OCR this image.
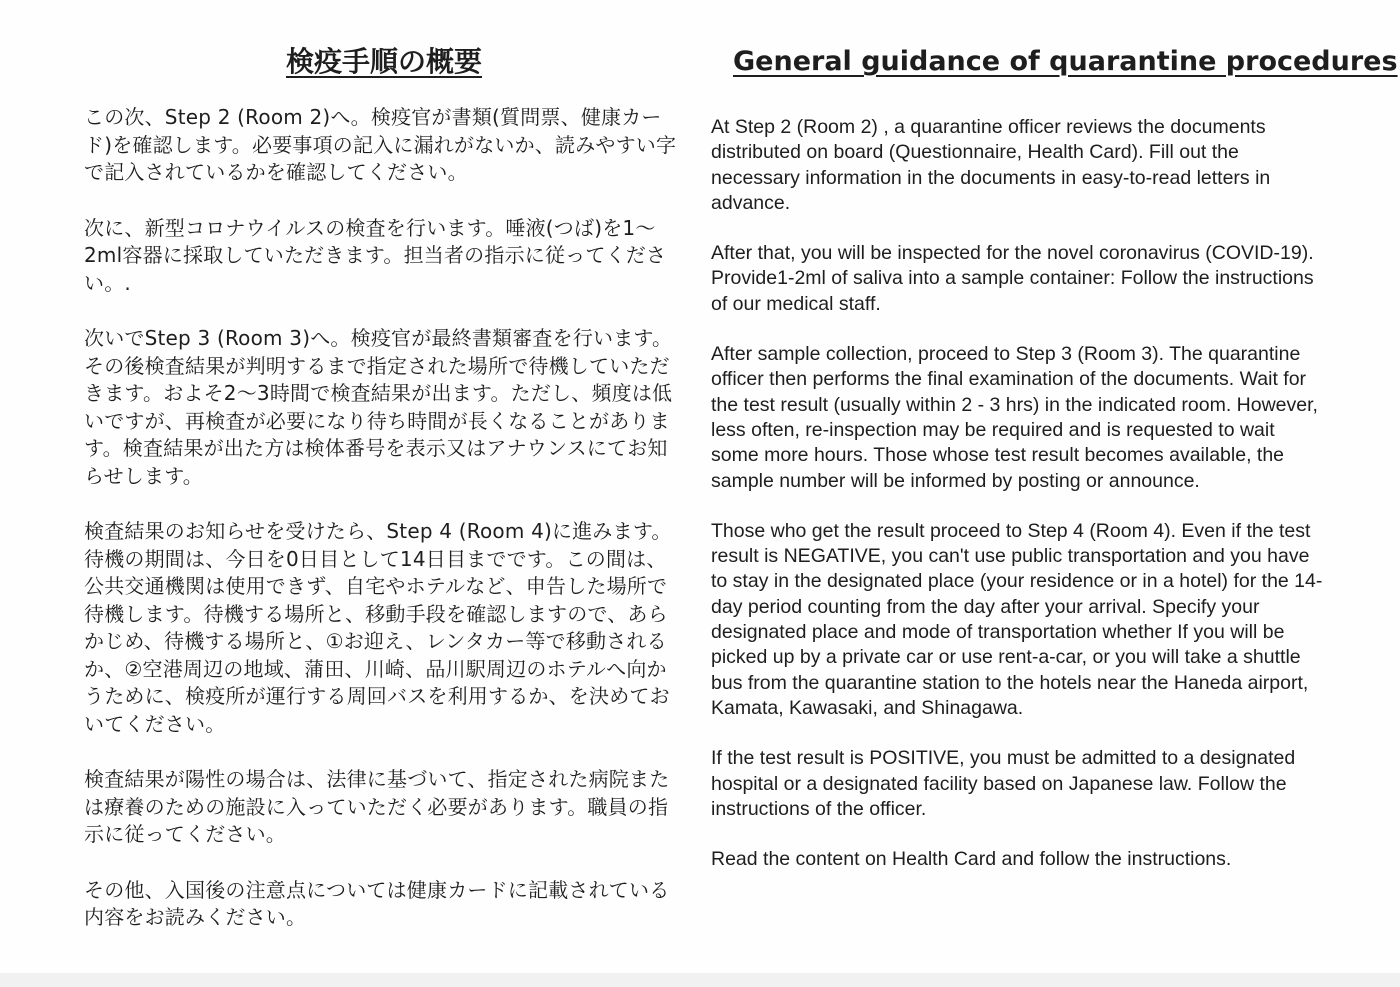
検疫手順の概要

この次、Step 2 (Room 2)へ。検疫官が書類(質問票、健康カード)を確認します。必要事項の記入に漏れがないか、読みやすい字で記入されているかを確認してください。

次に、新型コロナウイルスの検査を行います。唾液(つば)を1～2ml容器に採取していただきます。担当者の指示に従ってください。.

次いでStep 3 (Room 3)へ。検疫官が最終書類審査を行います。その後検査結果が判明するまで指定された場所で待機していただきます。およそ2～3時間で検査結果が出ます。ただし、頻度は低いですが、再検査が必要になり待ち時間が長くなることがあります。検査結果が出た方は検体番号を表示又はアナウンスにてお知らせします。

検査結果のお知らせを受けたら、Step 4 (Room 4)に進みます。待機の期間は、今日を0日目として14日目までです。この間は、公共交通機関は使用できず、自宅やホテルなど、申告した場所で待機します。待機する場所と、移動手段を確認しますので、あらかじめ、待機する場所と、①お迎え、レンタカー等で移動されるか、②空港周辺の地域、蒲田、川崎、品川駅周辺のホテルへ向かうために、検疫所が運行する周回バスを利用するか、を決めておいてください。

検査結果が陽性の場合は、法律に基づいて、指定された病院または療養のための施設に入っていただく必要があります。職員の指示に従ってください。

その他、入国後の注意点については健康カードに記載されている内容をお読みください。

General guidance of quarantine procedures

At Step 2 (Room 2) , a quarantine officer reviews the documents distributed on board (Questionnaire, Health Card). Fill out the necessary information in the documents in easy-to-read letters in advance.

After that, you will be inspected for the novel coronavirus (COVID-19). Provide1-2ml of saliva into a sample container: Follow the instructions of our medical staff.

After sample collection, proceed to Step 3 (Room 3). The quarantine officer then performs the final examination of the documents. Wait for the test result (usually within 2 - 3 hrs) in the indicated room. However, less often, re-inspection may be required and is requested to wait some more hours. Those whose test result becomes available, the sample number will be informed by posting or announce.

Those who get the result proceed to Step 4 (Room 4). Even if the test result is NEGATIVE, you can't use public transportation and you have to stay in the designated place (your residence or in a hotel) for the 14-day period counting from the day after your arrival. Specify your designated place and mode of transportation whether If you will be picked up by a private car or use rent-a-car, or you will take a shuttle bus from the quarantine station to the hotels near the Haneda airport, Kamata, Kawasaki, and Shinagawa.

If the test result is POSITIVE, you must be admitted to a designated hospital or a designated facility based on Japanese law. Follow the instructions of the officer.

Read the content on Health Card and follow the instructions.
